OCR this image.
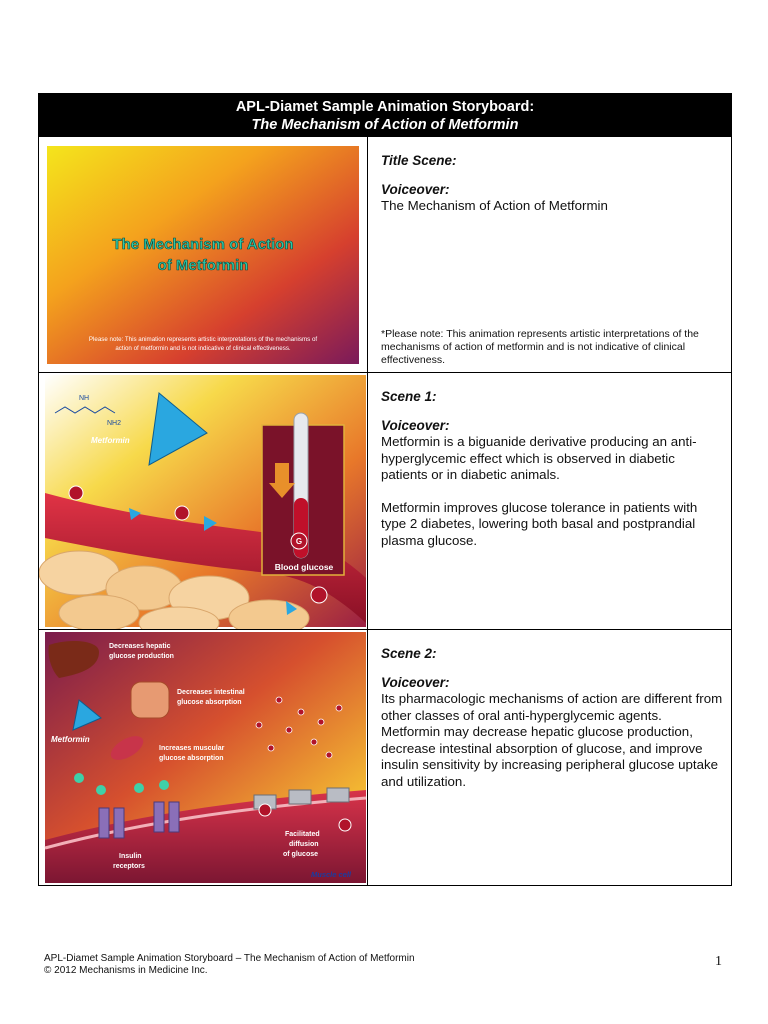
APL-Diamet Sample Animation Storyboard:
The Mechanism of Action of Metformin
The Mechanism of Action
of Metformin
Please note: This animation represents artistic interpretations of the mechanisms of
action of metformin and is not indicative of clinical effectiveness.

Title Scene:

Voiceover:

The Mechanism of Action of Metformin

*Please note: This animation represents artistic interpretations of the mechanisms of action of metformin and is not indicative of clinical effectiveness.

NH
NH2
Metformin
G
Blood glucose

Scene 1:

Voiceover:

Metformin is a biguanide derivative producing an anti-hyperglycemic effect which is observed in diabetic patients or in diabetic animals.

Metformin improves glucose tolerance in patients with type 2 diabetes, lowering both basal and postprandial plasma glucose.

Decreases hepatic
glucose production
Decreases intestinal
glucose absorption
Increases muscular
glucose absorption
Metformin
Insulin
receptors
Facilitated
diffusion
of glucose
Muscle cell

Scene 2:

Voiceover:

Its pharmacologic mechanisms of action are different from other classes of oral anti-hyperglycemic agents. Metformin may decrease hepatic glucose production, decrease intestinal absorption of glucose, and improve insulin sensitivity by increasing peripheral glucose uptake and utilization.

APL-Diamet Sample Animation Storyboard – The Mechanism of Action of Metformin
© 2012 Mechanisms in Medicine Inc.
1
